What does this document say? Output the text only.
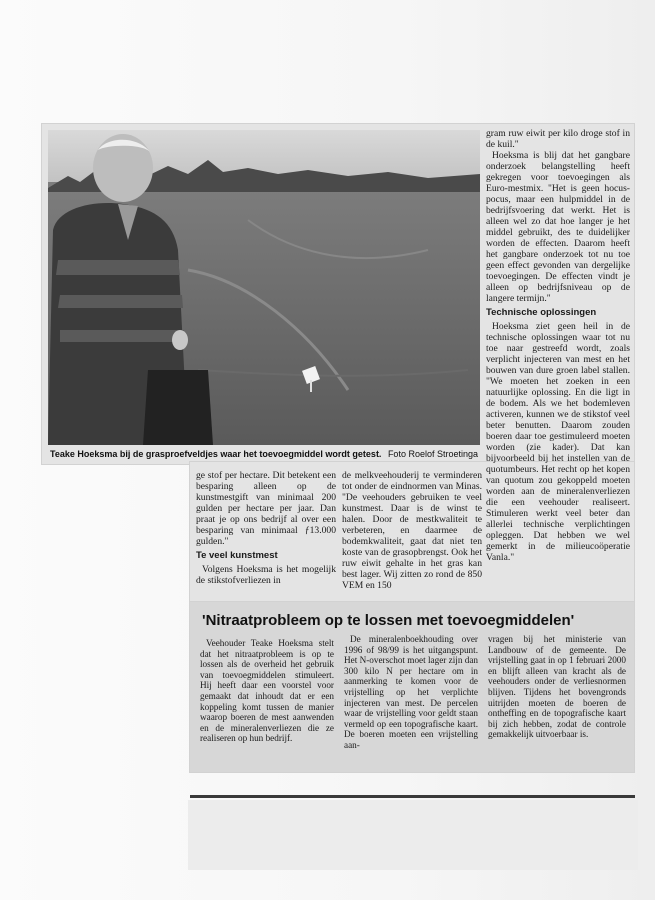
Teake Hoeksma bij de grasproefveldjes waar het toevoegmiddel wordt getest. Foto Roelof Stroetinga

gram ruw eiwit per kilo droge stof in de kuil."

Hoeksma is blij dat het gangbare onderzoek belangstelling heeft gekregen voor toevoegingen als Euro-mestmix. "Het is geen hocus-pocus, maar een hulpmiddel in de bedrijfsvoering dat werkt. Het is alleen wel zo dat hoe langer je het middel gebruikt, des te duidelijker worden de effecten. Daarom heeft het gangbare onderzoek tot nu toe geen effect gevonden van dergelijke toevoegingen. De effecten vindt je alleen op bedrijfsniveau op de langere termijn."

Technische oplossingen

Hoeksma ziet geen heil in de technische oplossingen waar tot nu toe naar gestreefd wordt, zoals verplicht injecteren van mest en het bouwen van dure groen label stallen. "We moeten het zoeken in een natuurlijke oplossing. En die ligt in de bodem. Als we het bodemleven activeren, kunnen we de stikstof veel beter benutten. Daarom zouden boeren daar toe gestimuleerd moeten worden (zie kader). Dat kan bijvoorbeeld bij het instellen van de quotumbeurs. Het recht op het kopen van quotum zou gekoppeld moeten worden aan de mineralenverliezen die een veehouder realiseert. Stimuleren werkt veel beter dan allerlei technische verplichtingen opleggen. Dat hebben we wel gemerkt in de milieucoöperatie Vanla."

ge stof per hectare. Dit betekent een besparing alleen op de kunstmestgift van minimaal 200 gulden per hectare per jaar. Dan praat je op ons bedrijf al over een besparing van minimaal ƒ13.000 gulden."

Te veel kunstmest

Volgens Hoeksma is het mogelijk de stikstofverliezen in

de melkveehouderij te verminderen tot onder de eindnormen van Minas. "De veehouders gebruiken te veel kunstmest. Daar is de winst te halen. Door de mestkwaliteit te verbeteren, en daarmee de bodemkwaliteit, gaat dat niet ten koste van de grasopbrengst. Ook het ruw eiwit gehalte in het gras kan best lager. Wij zitten zo rond de 850 VEM en 150

'Nitraatprobleem op te lossen met toevoegmiddelen'

Veehouder Teake Hoeksma stelt dat het nitraatprobleem is op te lossen als de overheid het gebruik van toevoegmiddelen stimuleert. Hij heeft daar een voorstel voor gemaakt dat inhoudt dat er een koppeling komt tussen de manier waarop boeren de mest aanwenden en de mineralenverliezen die ze realiseren op hun bedrijf.

De mineralenboekhouding over 1996 of 98/99 is het uitgangspunt. Het N-overschot moet lager zijn dan 300 kilo N per hectare om in aanmerking te komen voor de vrijstelling op het verplichte injecteren van mest. De percelen waar de vrijstelling voor geldt staan vermeld op een topografische kaart. De boeren moeten een vrijstelling aan-

vragen bij het ministerie van Landbouw of de gemeente. De vrijstelling gaat in op 1 februari 2000 en blijft alleen van kracht als de veehouders onder de verliesnormen blijven. Tijdens het bovengronds uitrijden moeten de boeren de ontheffing en de topografische kaart bij zich hebben, zodat de controle gemakkelijk uitvoerbaar is.
